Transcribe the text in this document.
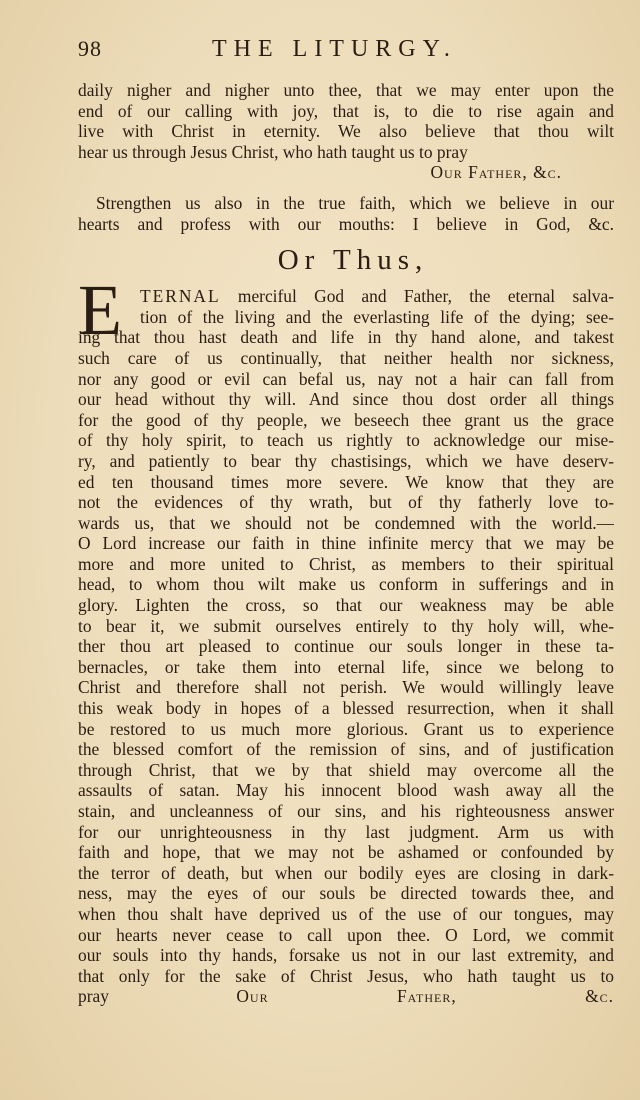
98	THE LITURGY.
daily nigher and nigher unto thee, that we may enter upon the
end of our calling with joy, that is, to die to rise again and
live with Christ in eternity. We also believe that thou wilt
hear us through Jesus Christ, who hath taught us to pray
Our Father, &c.
Strengthen us also in the true faith, which we believe in our
hearts and profess with our mouths: I believe in God, &c.
Or Thus,
E	TERNAL merciful God and Father, the eternal salva-
tion of the living and the everlasting life of the dying; see-
ing that thou hast death and life in thy hand alone, and takest
such care of us continually, that neither health nor sickness,
nor any good or evil can befal us, nay not a hair can fall from
our head without thy will. And since thou dost order all things
for the good of thy people, we beseech thee grant us the grace
of thy holy spirit, to teach us rightly to acknowledge our mise-
ry, and patiently to bear thy chastisings, which we have deserv-
ed ten thousand times more severe. We know that they are
not the evidences of thy wrath, but of thy fatherly love to-
wards us, that we should not be condemned with the world.—
O Lord increase our faith in thine infinite mercy that we may be
more and more united to Christ, as members to their spiritual
head, to whom thou wilt make us conform in sufferings and in
glory. Lighten the cross, so that our weakness may be able
to bear it, we submit ourselves entirely to thy holy will, whe-
ther thou art pleased to continue our souls longer in these ta-
bernacles, or take them into eternal life, since we belong to
Christ and therefore shall not perish. We would willingly leave
this weak body in hopes of a blessed resurrection, when it shall
be restored to us much more glorious. Grant us to experience
the blessed comfort of the remission of sins, and of justification
through Christ, that we by that shield may overcome all the
assaults of satan. May his innocent blood wash away all the
stain, and uncleanness of our sins, and his righteousness answer
for our unrighteousness in thy last judgment. Arm us with
faith and hope, that we may not be ashamed or confounded by
the terror of death, but when our bodily eyes are closing in dark-
ness, may the eyes of our souls be directed towards thee, and
when thou shalt have deprived us of the use of our tongues, may
our hearts never cease to call upon thee. O Lord, we commit
our souls into thy hands, forsake us not in our last extremity, and
that only for the sake of Christ Jesus, who hath taught us to
pray	Our Father, &c.
